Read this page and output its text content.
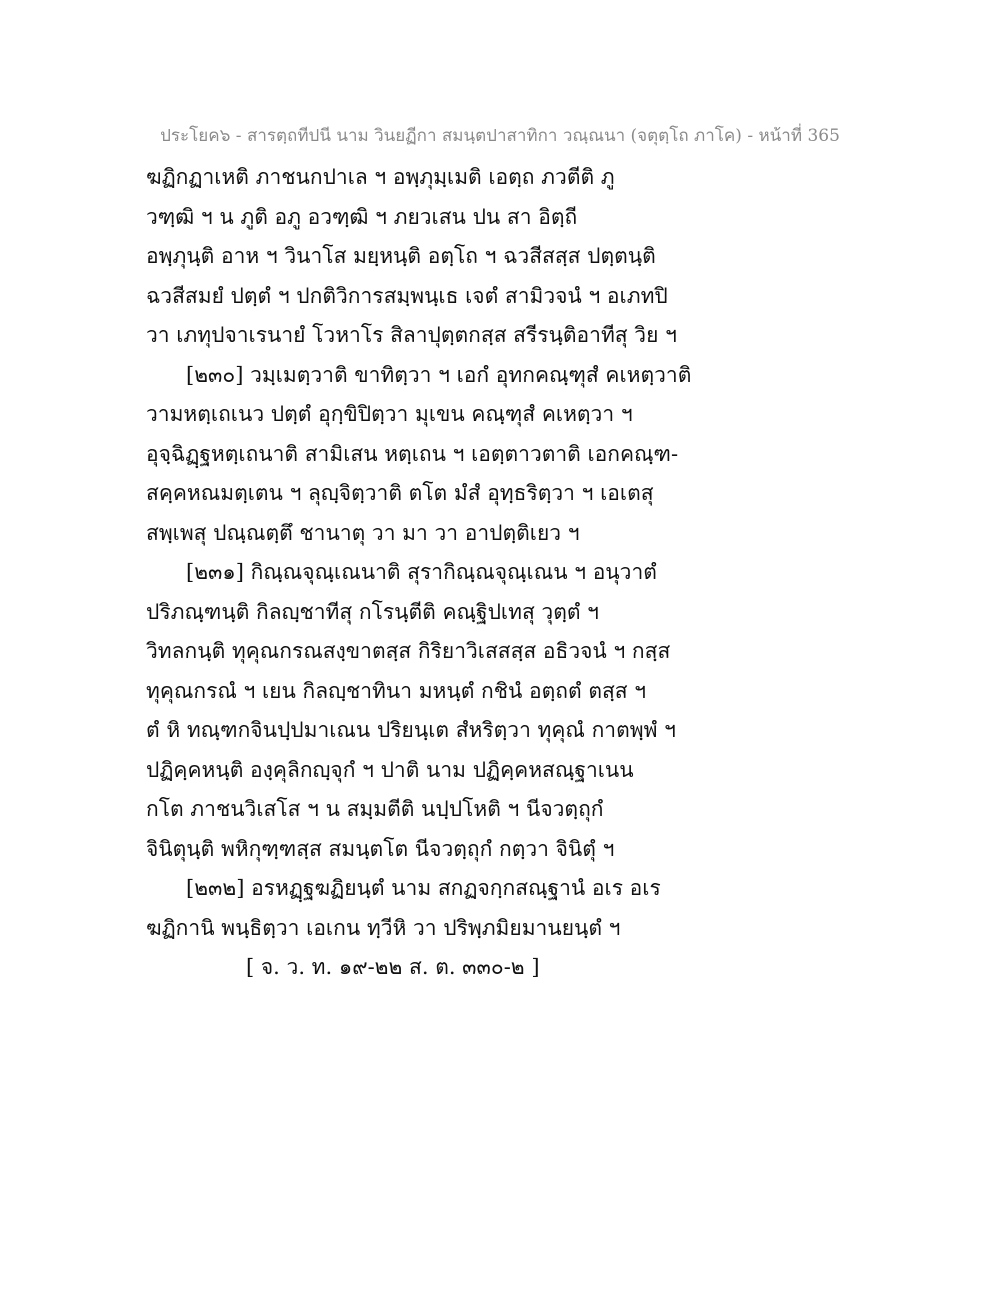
ประโยค๖ - สารตฺถทีปนี นาม วินยฏีกา สมนฺตปาสาทิกา วณฺณนา (จตุตฺโถ ภาโค) - หน้าที่ 365
ฆฏิกฏาเหติ ภาชนกปาเล ฯ อพฺภุมฺเมติ เอตฺถ ภวตีติ ภู
วฑฺฒิ ฯ น ภูติ อภู อวฑฺฒิ ฯ ภยวเสน ปน สา อิตฺถี
อพฺภุนฺติ อาห ฯ วินาโส มยฺหนฺติ อตฺโถ ฯ ฉวสีสสฺส ปตฺตนฺติ
ฉวสีสมยํ ปตฺตํ ฯ ปกติวิการสมฺพนฺเธ เจตํ สามิวจนํ ฯ อเภทปิ
วา เภทุปจาเรนายํ โวหาโร สิลาปุตฺตกสฺส สรีรนฺติอาทีสุ วิย ฯ
[๒๓๐] วมฺเมตฺวาติ ขาทิตฺวา ฯ เอกํ อุทกคณฺฑุสํ คเหตฺวาติ
วามหตฺเถเนว ปตฺตํ อุกฺขิปิตฺวา มุเขน คณฺฑุสํ คเหตฺวา ฯ
อุจฺฉิฏฺฐหตฺเถนาติ สามิเสน หตฺเถน ฯ เอตฺตาวตาติ เอกคณฺฑ-
สคฺคหณมตฺเตน ฯ ลุญฺจิตฺวาติ ตโต มํสํ อุทฺธริตฺวา ฯ เอเตสุ
สพฺเพสุ ปณฺณตฺตึ ชานาตุ วา มา วา อาปตฺติเยว ฯ
[๒๓๑] กิณฺณจุณฺเณนาติ สุรากิณฺณจุณฺเณน ฯ อนุวาตํ
ปริภณฺฑนฺติ กิลญฺชาทีสุ กโรนฺตีติ คณฺฐิปเทสุ วุตฺตํ ฯ
วิทลกนฺติ ทุคุณกรณสงฺขาตสฺส กิริยาวิเสสสฺส อธิวจนํ ฯ กสฺส
ทุคุณกรณํ ฯ เยน กิลญฺชาทินา มหนฺตํ กชินํ อตฺถตํ ตสฺส ฯ
ตํ หิ ทณฺฑกจินปฺปมาเณน ปริยนฺเต สํหริตฺวา ทุคุณํ กาตพฺพํ ฯ
ปฏิคฺคหนฺติ องฺคุลิกญฺจุกํ ฯ ปาติ นาม ปฏิคฺคหสณฺฐาเนน
กโต ภาชนวิเสโส ฯ น สมฺมตีติ นปฺปโหติ ฯ นีจวตฺถุกํ
จินิตุนฺติ พหิกุฑฺฑสฺส สมนฺตโต นีจวตฺถุกํ กตฺวา จินิตุํ ฯ
[๒๓๒] อรหฏฺฐฆฏิยนฺตํ นาม สกฏจกฺกสณฺฐานํ อเร อเร
ฆฏิกานิ พนฺธิตฺวา เอเกน ทฺวีหิ วา ปริพฺภมิยมานยนฺตํ ฯ
[ จ. ว. ท. ๑๙-๒๒ ส. ต. ๓๓๐-๒ ]
